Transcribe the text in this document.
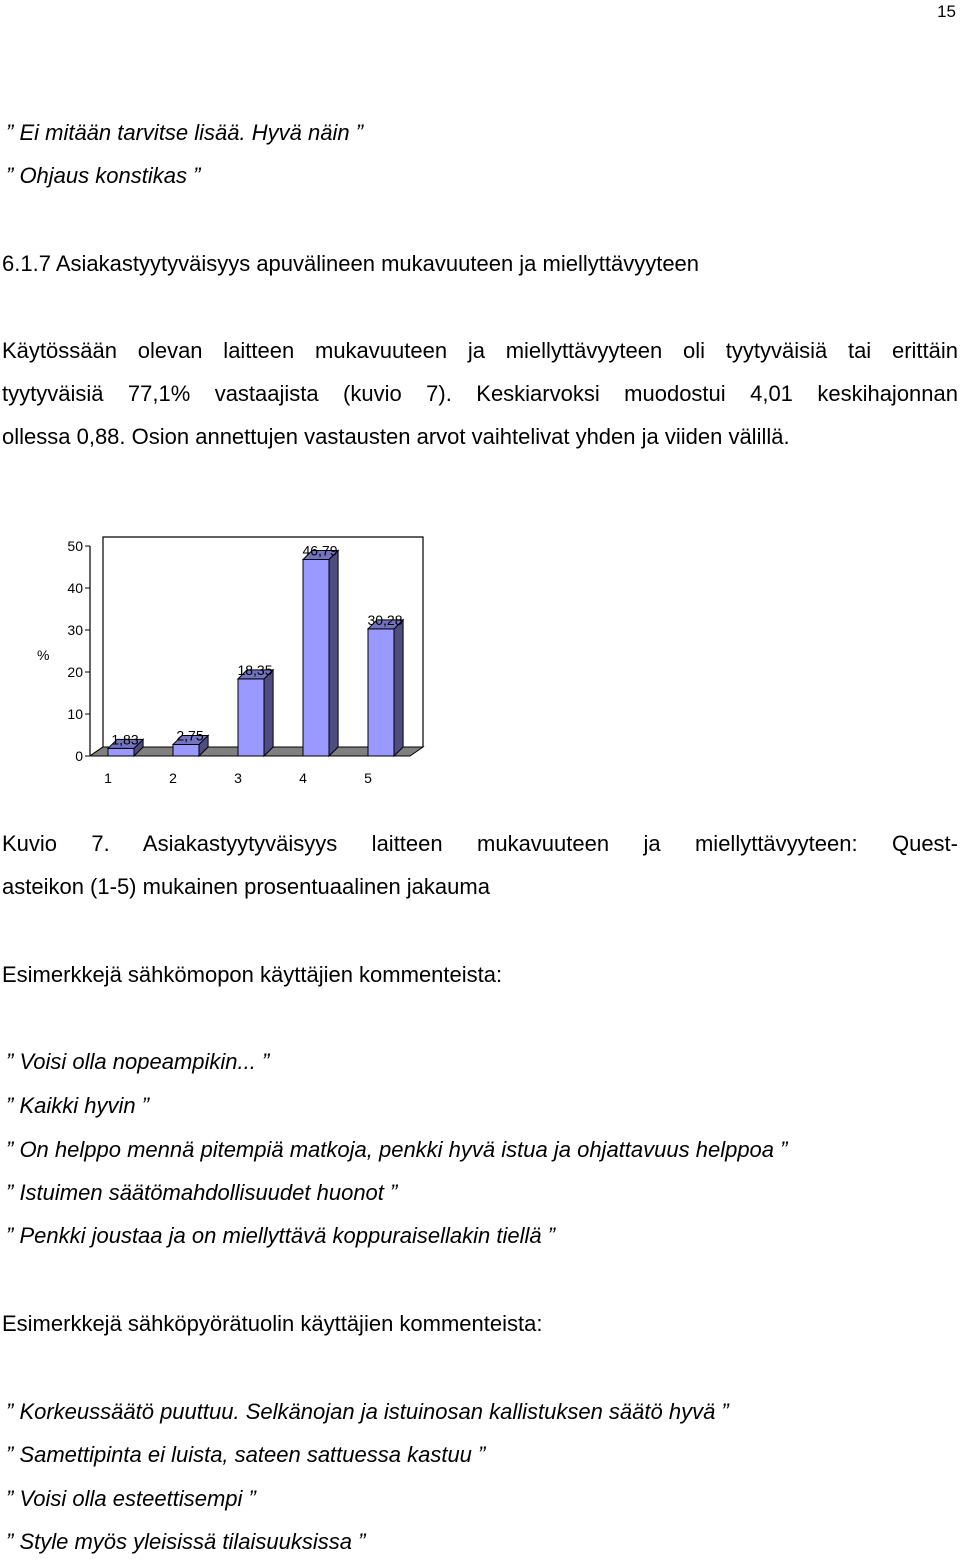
15

” Ei mitään tarvitse lisää. Hyvä näin ”

” Ohjaus konstikas ”

6.1.7 Asiakastyytyväisyys apuvälineen mukavuuteen ja miellyttävyyteen

Käytössään olevan laitteen mukavuuteen ja miellyttävyyteen oli tyytyväisiä tai erittäin

tyytyväisiä 77,1% vastaajista (kuvio 7). Keskiarvoksi muodostui 4,01 keskihajonnan

ollessa 0,88. Osion annettujen vastausten arvot vaihtelivat yhden ja viiden välillä.

0
10
20
30
40
50
1,83	2,75
18,35
46,79
30,28
1	2	3	4	5
%

Kuvio 7. Asiakastyytyväisyys laitteen mukavuuteen ja miellyttävyyteen: Quest-

asteikon (1-5) mukainen prosentuaalinen jakauma

Esimerkkejä sähkömopon käyttäjien kommenteista:

” Voisi olla nopeampikin... ”

” Kaikki hyvin ”

” On helppo mennä pitempiä matkoja, penkki hyvä istua ja ohjattavuus helppoa ”

” Istuimen säätömahdollisuudet huonot ”

” Penkki joustaa ja on miellyttävä koppuraisellakin tiellä ”

Esimerkkejä sähköpyörätuolin käyttäjien kommenteista:

” Korkeussäätö puuttuu. Selkänojan ja istuinosan kallistuksen säätö hyvä ”

” Samettipinta ei luista, sateen sattuessa kastuu ”

” Voisi olla esteettisempi ”

” Style myös yleisissä tilaisuuksissa ”
